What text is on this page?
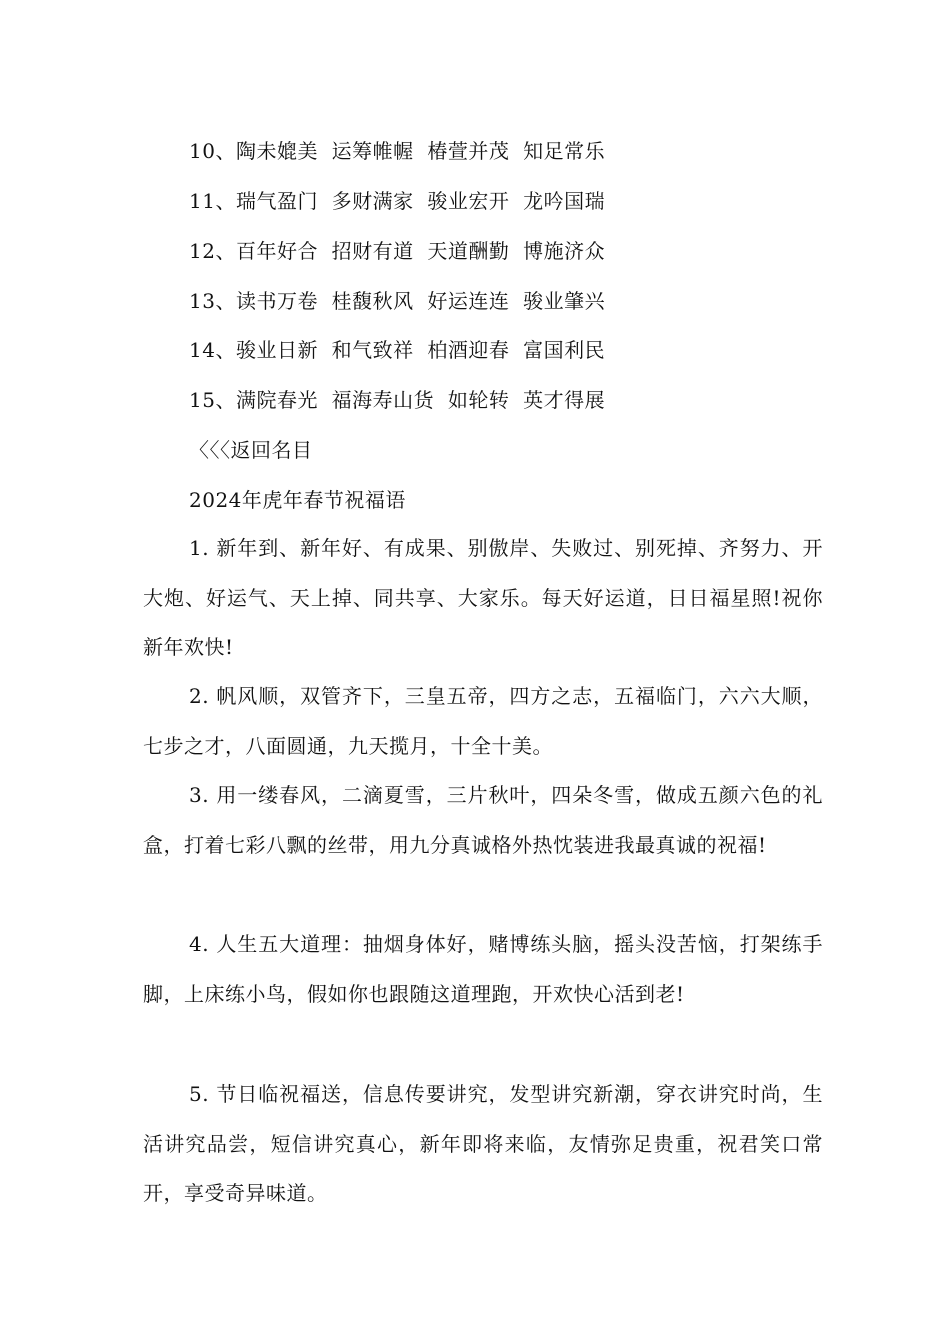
10、陶未媲美  运筹帷幄  椿萱并茂  知足常乐
11、瑞气盈门  多财满家  骏业宏开  龙吟国瑞
12、百年好合  招财有道  天道酬勤  博施济众
13、读书万卷  桂馥秋风  好运连连  骏业肇兴
14、骏业日新  和气致祥  柏酒迎春  富国利民
15、满院春光  福海寿山货  如轮转  英才得展
〈〈〈返回名目
2024年虎年春节祝福语
1. 新年到、新年好、有成果、别傲岸、失败过、别死掉、齐努力、开大炮、好运气、天上掉、同共享、大家乐。每天好运道，日日福星照!祝你新年欢快!
2. 帆风顺，双管齐下，三皇五帝，四方之志，五福临门，六六大顺，七步之才，八面圆通，九天揽月，十全十美。
3. 用一缕春风，二滴夏雪，三片秋叶，四朵冬雪，做成五颜六色的礼盒，打着七彩八飘的丝带，用九分真诚格外热忱装进我最真诚的祝福!
4. 人生五大道理：抽烟身体好，赌博练头脑，摇头没苦恼，打架练手脚，上床练小鸟，假如你也跟随这道理跑，开欢快心活到老!
5. 节日临祝福送，信息传要讲究，发型讲究新潮，穿衣讲究时尚，生活讲究品尝，短信讲究真心，新年即将来临，友情弥足贵重，祝君笑口常开，享受奇异味道。
